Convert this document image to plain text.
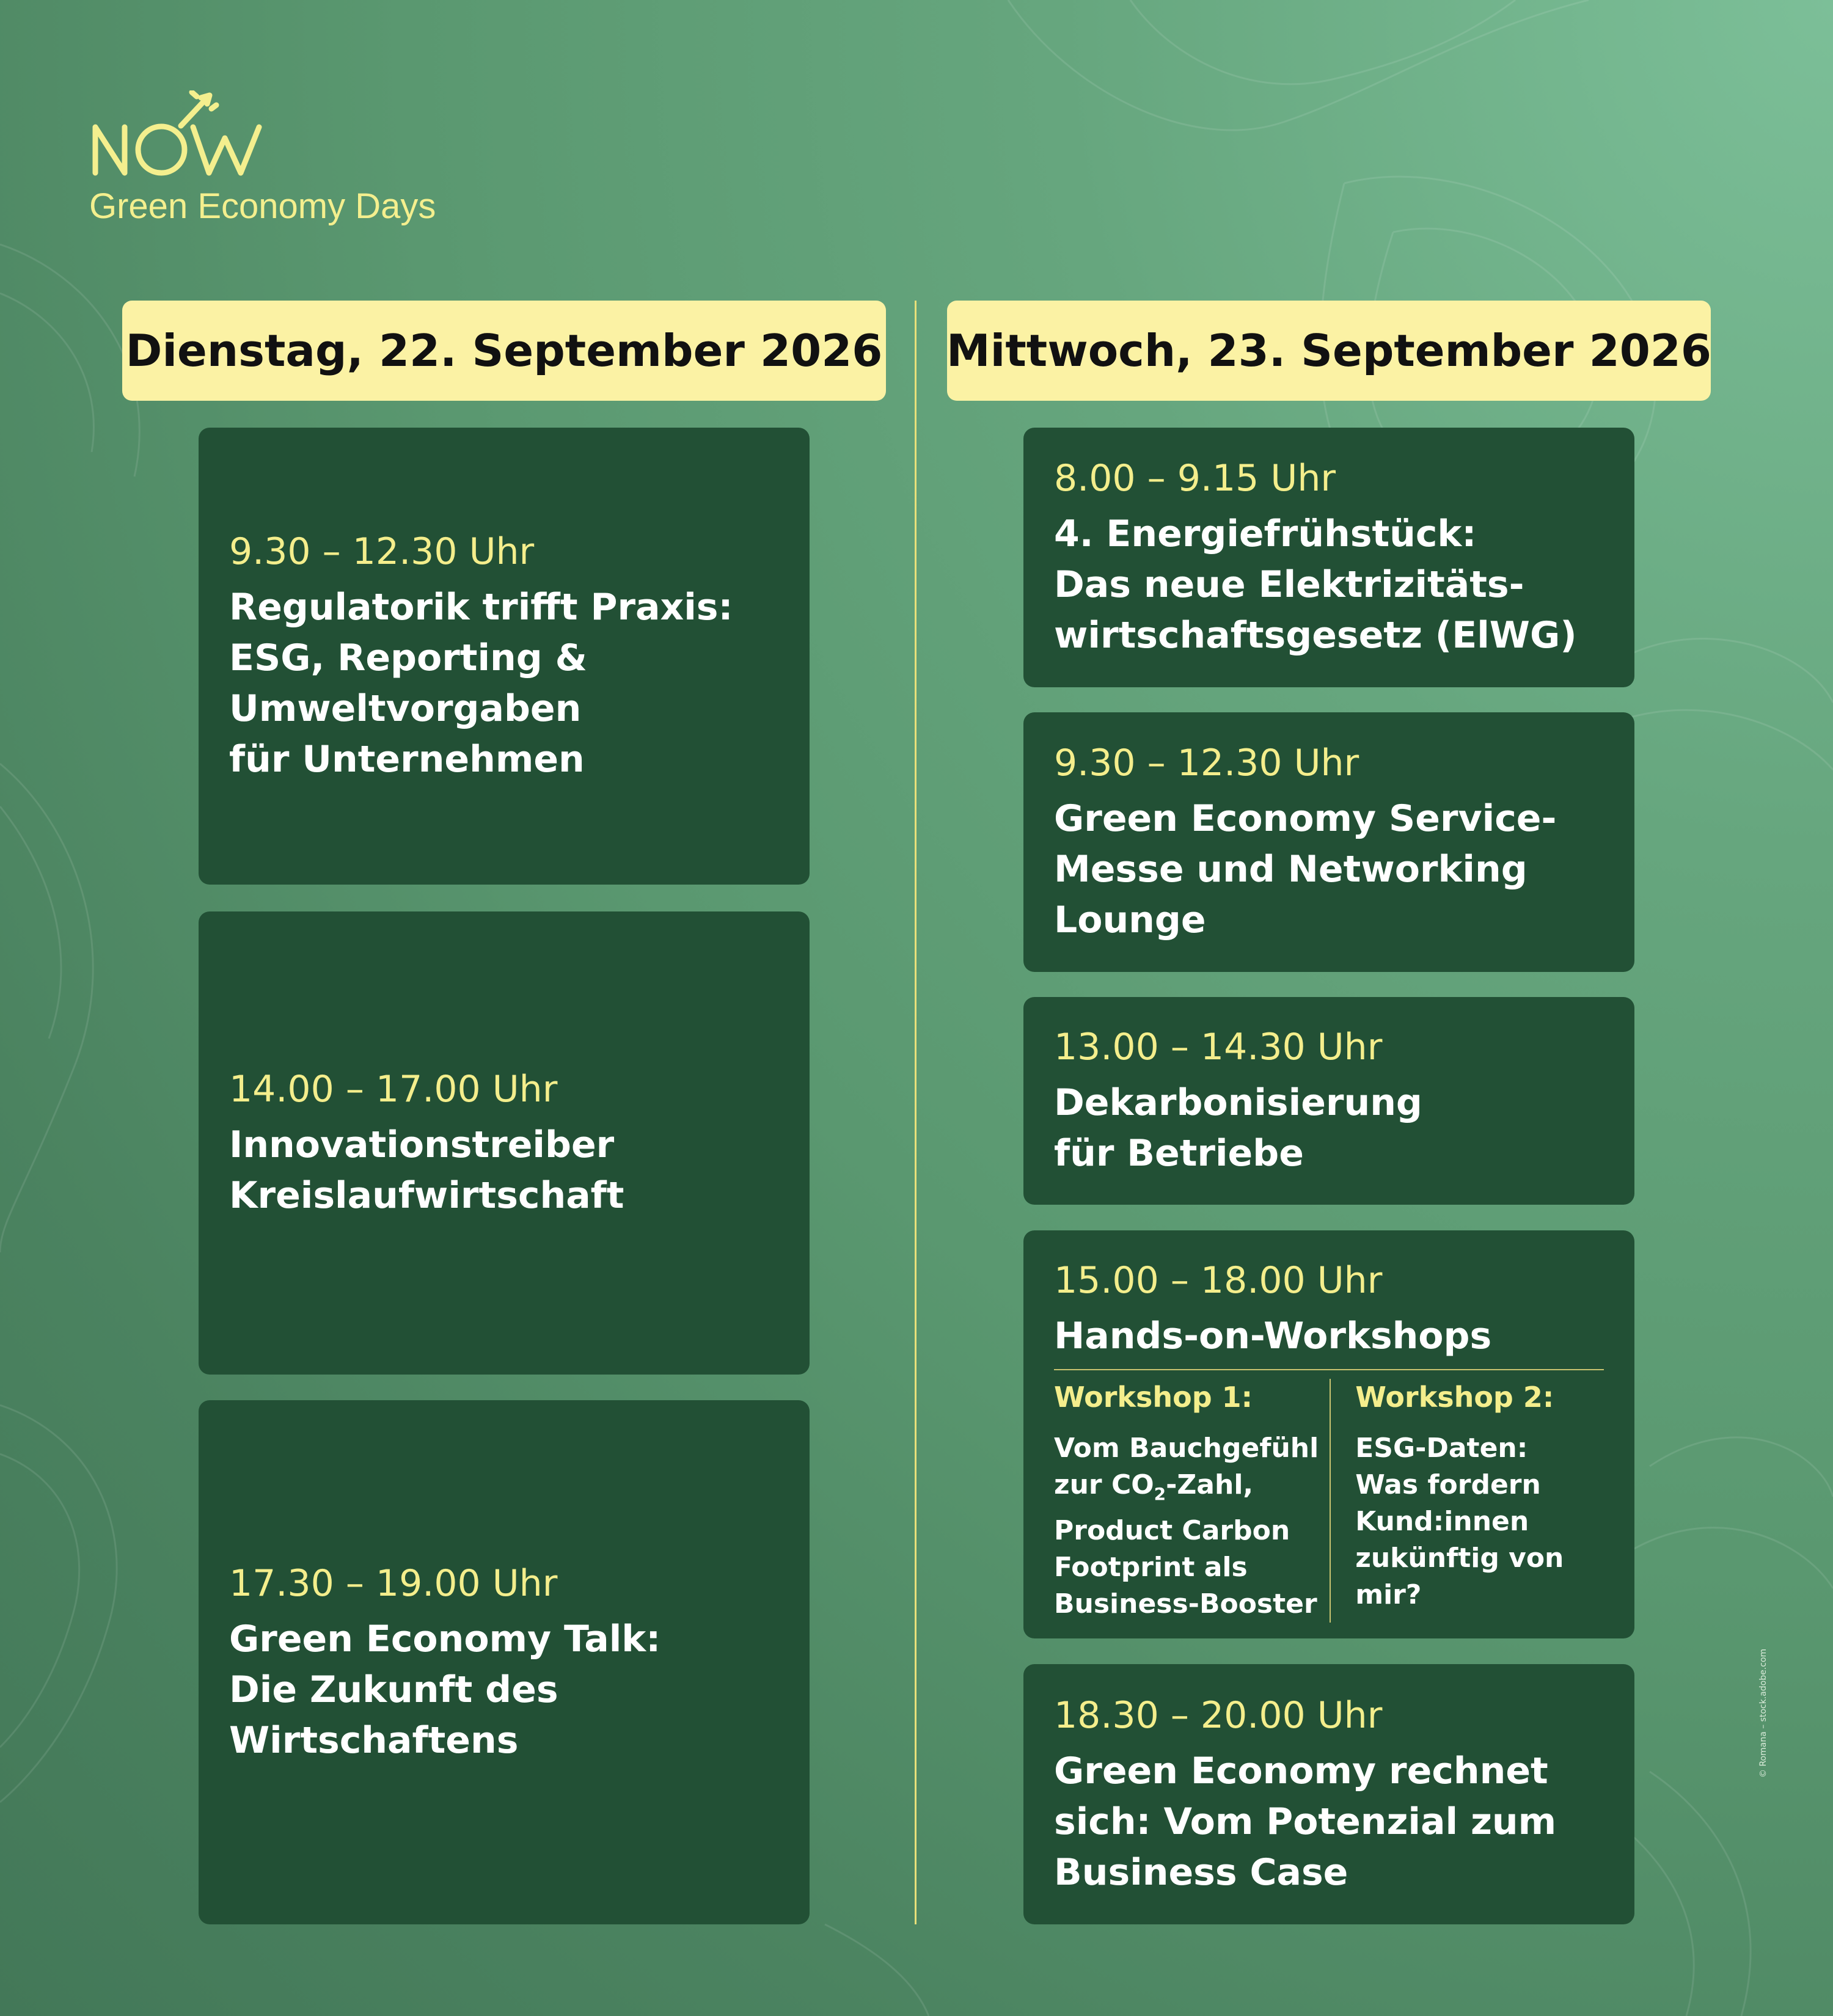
Green Economy Days
Dienstag, 22. September 2026 Mittwoch, 23. September 2026
9.30 – 12.30 Uhr
Regulatorik trifft Praxis:
ESG, Reporting &
Umweltvorgaben
für Unternehmen
14.00 – 17.00 Uhr
Innovationstreiber
Kreislaufwirtschaft
17.30 – 19.00 Uhr
Green Economy Talk:
Die Zukunft des
Wirtschaftens
8.00 – 9.15 Uhr
4. Energiefrühstück:
Das neue Elektrizitäts-
wirtschaftsgesetz (ElWG)
9.30 – 12.30 Uhr
Green Economy Service-
Messe und Networking
Lounge
13.00 – 14.30 Uhr
Dekarbonisierung
für Betriebe
15.00 – 18.00 Uhr
Hands-on-Workshops
Workshop 1:
Vom Bauchgefühl
zur $CO_2$-Zahl,
Product Carbon
Footprint als
Business-Booster
Workshop 2:
ESG-Daten:
Was fordern
Kund:innen
zukünftig von
mir?
18.30 – 20.00 Uhr
Green Economy rechnet
sich: Vom Potenzial zum
Business Case
© Romana – stock.adobe.com
